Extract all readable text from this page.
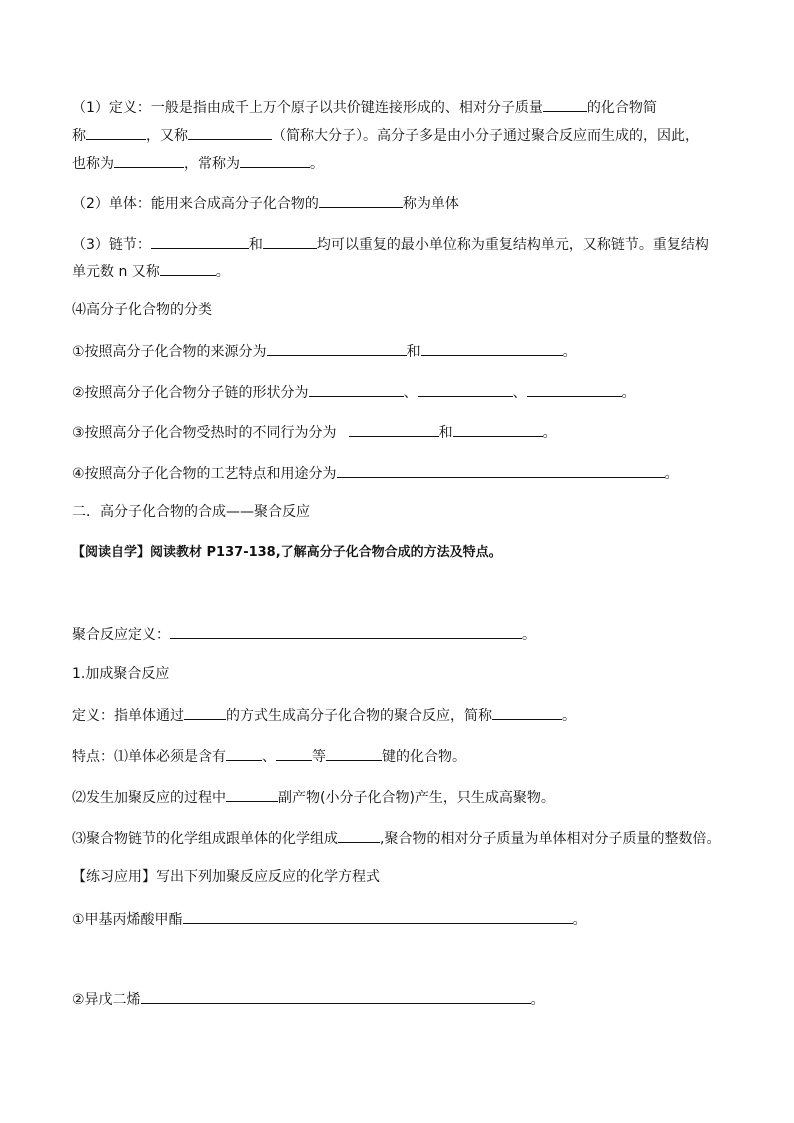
（1）定义：一般是指由成千上万个原子以共价键连接形成的、相对分子质量	的化合物简
称	，又称	（简称大分子）。高分子多是由小分子通过聚合反应而生成的，因此，
也称为	，常称为	。
（2）单体：能用来合成高分子化合物的	称为单体
（3）链节：	和	均可以重复的最小单位称为重复结构单元，又称链节。重复结构
单元数 n 又称	。
⑷高分子化合物的分类
①按照高分子化合物的来源分为	和	。
②按照高分子化合物分子链的形状分为	、	、	。
③按照高分子化合物受热时的不同行为分为	和	。
④按照高分子化合物的工艺特点和用途分为	。
二．高分子化合物的合成——聚合反应
【阅读自学】阅读教材 P137-138,了解高分子化合物合成的方法及特点。
聚合反应定义：	。
1.加成聚合反应
定义：指单体通过	的方式生成高分子化合物的聚合反应，简称	。
特点：⑴单体必须是含有	、	等	键的化合物。
⑵发生加聚反应的过程中	副产物(小分子化合物)产生，只生成高聚物。
⑶聚合物链节的化学组成跟单体的化学组成	,聚合物的相对分子质量为单体相对分子质量的整数倍。
【练习应用】写出下列加聚反应反应的化学方程式
①甲基丙烯酸甲酯	。
②异戊二烯	。
